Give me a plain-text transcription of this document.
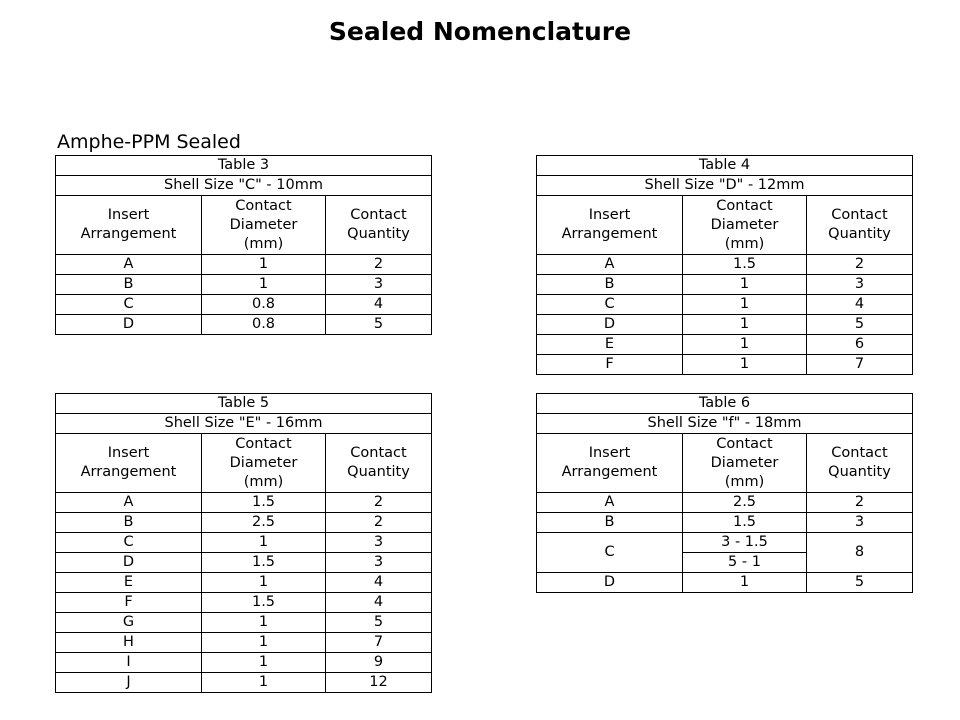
Sealed Nomenclature
Amphe-PPM Sealed
Table 3		
Shell Size "C" - 10mm		
Insert
Arrangement	Contact
Diameter
(mm)	Contact
Quantity
A	1	2
B	1	3
C	0.8	4
D	0.8	5
Table 4		
Shell Size "D" - 12mm		
Insert
Arrangement	Contact
Diameter
(mm)	Contact
Quantity
A	1.5	2
B	1	3
C	1	4
D	1	5
E	1	6
F	1	7
Table 5		
Shell Size "E" - 16mm		
Insert
Arrangement	Contact
Diameter
(mm)	Contact
Quantity
A	1.5	2
B	2.5	2
C	1	3
D	1.5	3
E	1	4
F	1.5	4
G	1	5
H	1	7
I	1	9
J	1	12
Table 6		
Shell Size "f" - 18mm		
Insert
Arrangement	Contact
Diameter
(mm)	Contact
Quantity
A	2.5	2
B	1.5	3
C	3 - 1.5	8
	5 - 1	
D	1	5
